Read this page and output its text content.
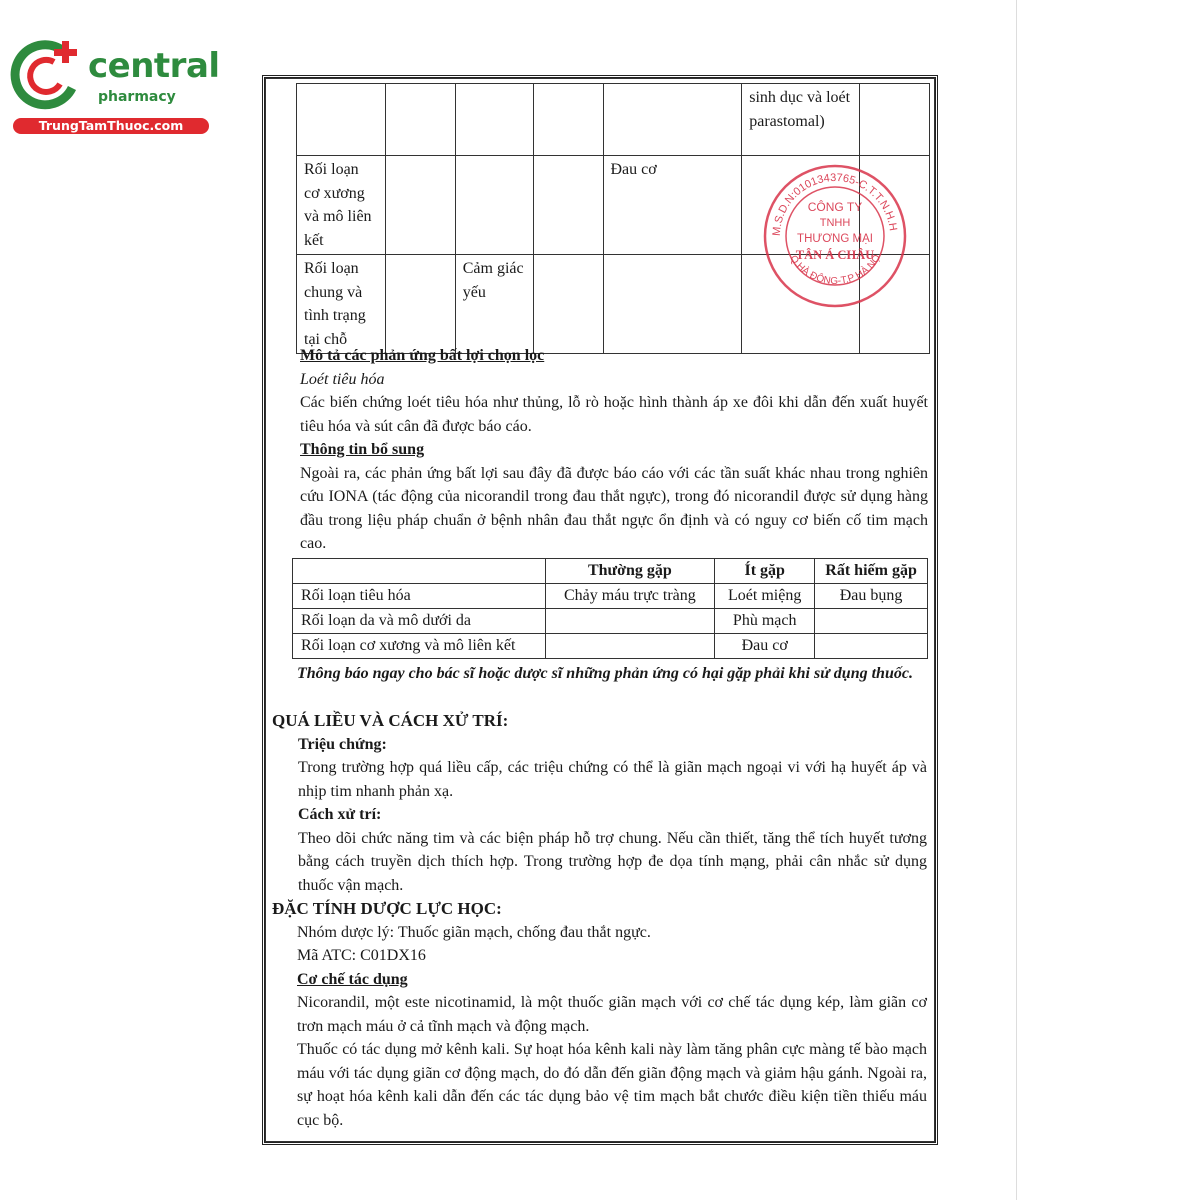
central
pharmacy
TrungTamThuoc.com
					sinh dục và loét parastomal)	
Rối loạn cơ xương và mô liên kết				Đau cơ		
Rối loạn chung và tình trạng tại chỗ		Cảm giác yếu				
M.S.D.N:0101343765-C.T.T.N.H.H
Q.HÀ ĐÔNG-T.P HÀ NỘ
CÔNG TY
TNHH
THƯƠNG MẠI
TÂN Á CHÂU
Mô tả các phản ứng bất lợi chọn lọc
Loét tiêu hóa
Các biến chứng loét tiêu hóa như thủng, lỗ rò hoặc hình thành áp xe đôi khi dẫn đến xuất huyết tiêu hóa và sút cân đã được báo cáo.
Thông tin bổ sung
Ngoài ra, các phản ứng bất lợi sau đây đã được báo cáo với các tần suất khác nhau trong nghiên cứu IONA (tác động của nicorandil trong đau thắt ngực), trong đó nicorandil được sử dụng hàng đầu trong liệu pháp chuẩn ở bệnh nhân đau thắt ngực ổn định và có nguy cơ biến cố tim mạch cao.
	Thường gặp	Ít gặp	Rất hiếm gặp
Rối loạn tiêu hóa	Chảy máu trực tràng	Loét miệng	Đau bụng
Rối loạn da và mô dưới da		Phù mạch	
Rối loạn cơ xương và mô liên kết		Đau cơ	
Thông báo ngay cho bác sĩ hoặc dược sĩ những phản ứng có hại gặp phải khi sử dụng thuốc.
QUÁ LIỀU VÀ CÁCH XỬ TRÍ:
Triệu chứng:
Trong trường hợp quá liều cấp, các triệu chứng có thể là giãn mạch ngoại vi với hạ huyết áp và nhịp tim nhanh phản xạ.
Cách xử trí:
Theo dõi chức năng tim và các biện pháp hỗ trợ chung. Nếu cần thiết, tăng thể tích huyết tương bằng cách truyền dịch thích hợp. Trong trường hợp đe dọa tính mạng, phải cân nhắc sử dụng thuốc vận mạch.
ĐẶC TÍNH DƯỢC LỰC HỌC:
Nhóm dược lý: Thuốc giãn mạch, chống đau thắt ngực.
Mã ATC: C01DX16
Cơ chế tác dụng
Nicorandil, một este nicotinamid, là một thuốc giãn mạch với cơ chế tác dụng kép, làm giãn cơ trơn mạch máu ở cả tĩnh mạch và động mạch.
Thuốc có tác dụng mở kênh kali. Sự hoạt hóa kênh kali này làm tăng phân cực màng tế bào mạch máu với tác dụng giãn cơ động mạch, do đó dẫn đến giãn động mạch và giảm hậu gánh. Ngoài ra, sự hoạt hóa kênh kali dẫn đến các tác dụng bảo vệ tim mạch bắt chước điều kiện tiền thiếu máu cục bộ.
